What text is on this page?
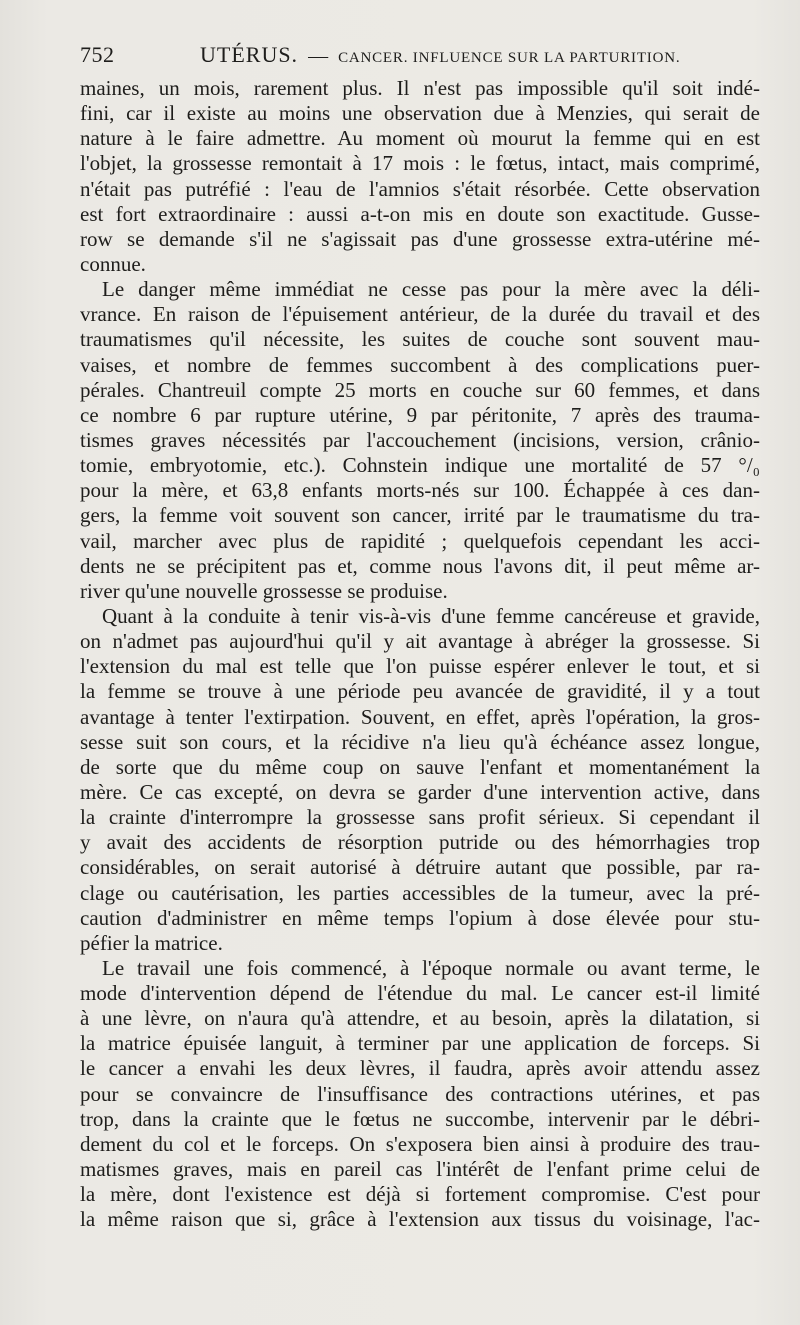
752	UTÉRUS. — CANCER. INFLUENCE SUR LA PARTURITION.
maines, un mois, rarement plus. Il n'est pas impossible qu'il soit indé-
fini, car il existe au moins une observation due à Menzies, qui serait de
nature à le faire admettre. Au moment où mourut la femme qui en est
l'objet, la grossesse remontait à 17 mois : le fœtus, intact, mais comprimé,
n'était pas putréfié : l'eau de l'amnios s'était résorbée. Cette observation
est fort extraordinaire : aussi a-t-on mis en doute son exactitude. Gusse-
row se demande s'il ne s'agissait pas d'une grossesse extra-utérine mé-
connue.
Le danger même immédiat ne cesse pas pour la mère avec la déli-
vrance. En raison de l'épuisement antérieur, de la durée du travail et des
traumatismes qu'il nécessite, les suites de couche sont souvent mau-
vaises, et nombre de femmes succombent à des complications puer-
pérales. Chantreuil compte 25 morts en couche sur 60 femmes, et dans
ce nombre 6 par rupture utérine, 9 par péritonite, 7 après des trauma-
tismes graves nécessités par l'accouchement (incisions, version, crânio-
tomie, embryotomie, etc.). Cohnstein indique une mortalité de 57 °/₀
pour la mère, et 63,8 enfants morts-nés sur 100. Échappée à ces dan-
gers, la femme voit souvent son cancer, irrité par le traumatisme du tra-
vail, marcher avec plus de rapidité ; quelquefois cependant les acci-
dents ne se précipitent pas et, comme nous l'avons dit, il peut même ar-
river qu'une nouvelle grossesse se produise.
Quant à la conduite à tenir vis-à-vis d'une femme cancéreuse et gravide,
on n'admet pas aujourd'hui qu'il y ait avantage à abréger la grossesse. Si
l'extension du mal est telle que l'on puisse espérer enlever le tout, et si
la femme se trouve à une période peu avancée de gravidité, il y a tout
avantage à tenter l'extirpation. Souvent, en effet, après l'opération, la gros-
sesse suit son cours, et la récidive n'a lieu qu'à échéance assez longue,
de sorte que du même coup on sauve l'enfant et momentanément la
mère. Ce cas excepté, on devra se garder d'une intervention active, dans
la crainte d'interrompre la grossesse sans profit sérieux. Si cependant il
y avait des accidents de résorption putride ou des hémorrhagies trop
considérables, on serait autorisé à détruire autant que possible, par ra-
clage ou cautérisation, les parties accessibles de la tumeur, avec la pré-
caution d'administrer en même temps l'opium à dose élevée pour stu-
péfier la matrice.
Le travail une fois commencé, à l'époque normale ou avant terme, le
mode d'intervention dépend de l'étendue du mal. Le cancer est-il limité
à une lèvre, on n'aura qu'à attendre, et au besoin, après la dilatation, si
la matrice épuisée languit, à terminer par une application de forceps. Si
le cancer a envahi les deux lèvres, il faudra, après avoir attendu assez
pour se convaincre de l'insuffisance des contractions utérines, et pas
trop, dans la crainte que le fœtus ne succombe, intervenir par le débri-
dement du col et le forceps. On s'exposera bien ainsi à produire des trau-
matismes graves, mais en pareil cas l'intérêt de l'enfant prime celui de
la mère, dont l'existence est déjà si fortement compromise. C'est pour
la même raison que si, grâce à l'extension aux tissus du voisinage, l'ac-
